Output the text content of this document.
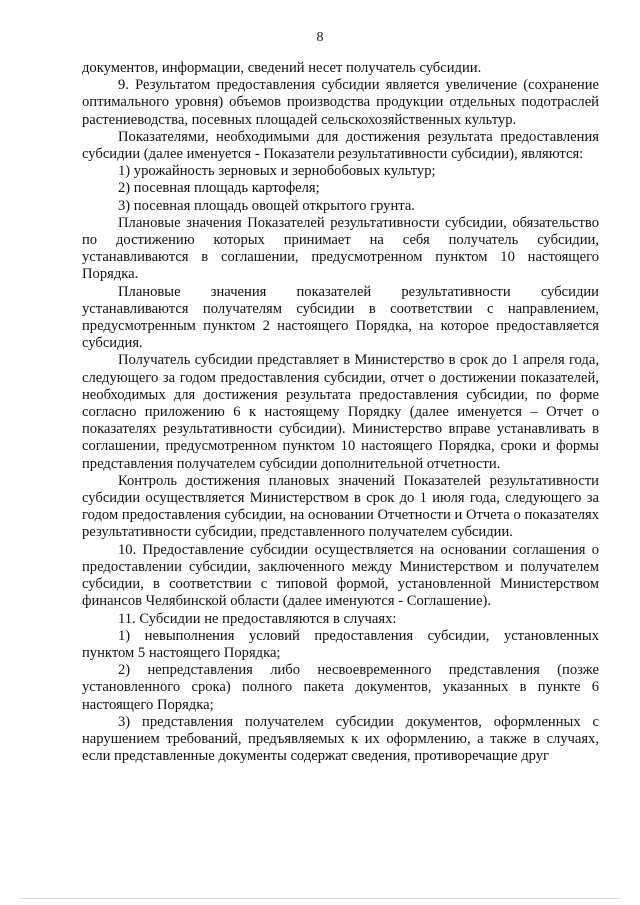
8

документов, информации, сведений несет получатель субсидии.

9. Результатом предоставления субсидии является увеличение (сохранение оптимального уровня) объемов производства продукции отдельных подотраслей растениеводства, посевных площадей сельскохозяйственных культур.

Показателями, необходимыми для достижения результата предоставления субсидии (далее именуется - Показатели результативности субсидии), являются:

1) урожайность зерновых и зернобобовых культур;

2) посевная площадь картофеля;

3) посевная площадь овощей открытого грунта.

Плановые значения Показателей результативности субсидии, обязательство по достижению которых принимает на себя получатель субсидии, устанавливаются в соглашении, предусмотренном пунктом 10 настоящего Порядка.

Плановые значения показателей результативности субсидии устанавливаются получателям субсидии в соответствии с направлением, предусмотренным пунктом 2 настоящего Порядка, на которое предоставляется субсидия.

Получатель субсидии представляет в Министерство в срок до 1 апреля года, следующего за годом предоставления субсидии, отчет о достижении показателей, необходимых для достижения результата предоставления субсидии, по форме согласно приложению 6 к настоящему Порядку (далее именуется – Отчет о показателях результативности субсидии). Министерство вправе устанавливать в соглашении, предусмотренном пунктом 10 настоящего Порядка, сроки и формы представления получателем субсидии дополнительной отчетности.

Контроль достижения плановых значений Показателей результативности субсидии осуществляется Министерством в срок до 1 июля года, следующего за годом предоставления субсидии, на основании Отчетности и Отчета о показателях результативности субсидии, представленного получателем субсидии.

10. Предоставление субсидии осуществляется на основании соглашения о предоставлении субсидии, заключенного между Министерством и получателем субсидии, в соответствии с типовой формой, установленной Министерством финансов Челябинской области (далее именуются - Соглашение).

11. Субсидии не предоставляются в случаях:

1) невыполнения условий предоставления субсидии, установленных пунктом 5 настоящего Порядка;

2) непредставления либо несвоевременного представления (позже установленного срока) полного пакета документов, указанных в пункте 6 настоящего Порядка;

3) представления получателем субсидии документов, оформленных с нарушением требований, предъявляемых к их оформлению, а также в случаях, если представленные документы содержат сведения, противоречащие друг
